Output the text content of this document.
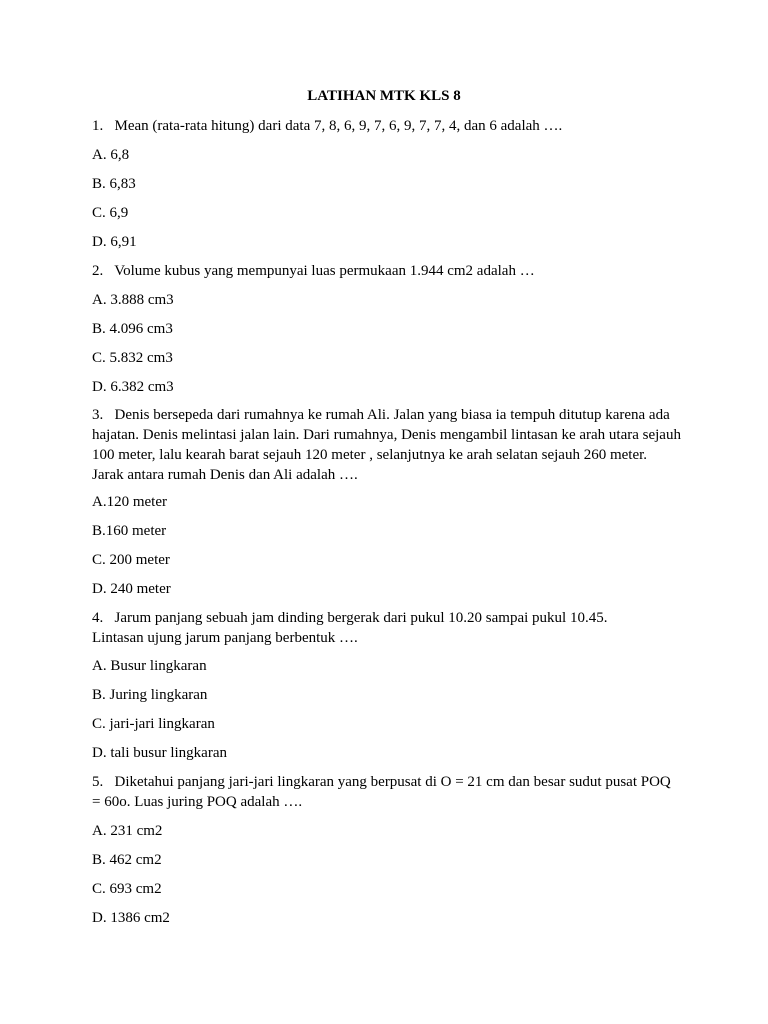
LATIHAN MTK KLS 8
1.   Mean (rata-rata hitung) dari data 7, 8, 6, 9, 7, 6, 9, 7, 7, 4, dan 6 adalah ….
A. 6,8
B. 6,83
C. 6,9
D. 6,91
2.   Volume kubus yang mempunyai luas permukaan 1.944 cm2 adalah …
A. 3.888 cm3
B. 4.096 cm3
C. 5.832 cm3
D. 6.382 cm3
3.   Denis bersepeda dari rumahnya ke rumah Ali. Jalan yang biasa ia tempuh ditutup karena ada hajatan. Denis melintasi jalan lain. Dari rumahnya, Denis mengambil lintasan ke arah utara sejauh 100 meter, lalu kearah barat sejauh 120 meter , selanjutnya ke arah selatan sejauh 260 meter. Jarak antara rumah Denis dan Ali adalah ….
A.120 meter
B.160 meter
C. 200 meter
D. 240 meter
4.   Jarum panjang sebuah jam dinding bergerak dari pukul 10.20 sampai pukul 10.45. Lintasan ujung jarum panjang berbentuk ….
A. Busur lingkaran
B. Juring lingkaran
C. jari-jari lingkaran
D. tali busur lingkaran
5.   Diketahui panjang jari-jari lingkaran yang berpusat di O = 21 cm dan besar sudut pusat POQ = 60o. Luas juring POQ adalah ….
A. 231 cm2
B. 462 cm2
C. 693 cm2
D. 1386 cm2
